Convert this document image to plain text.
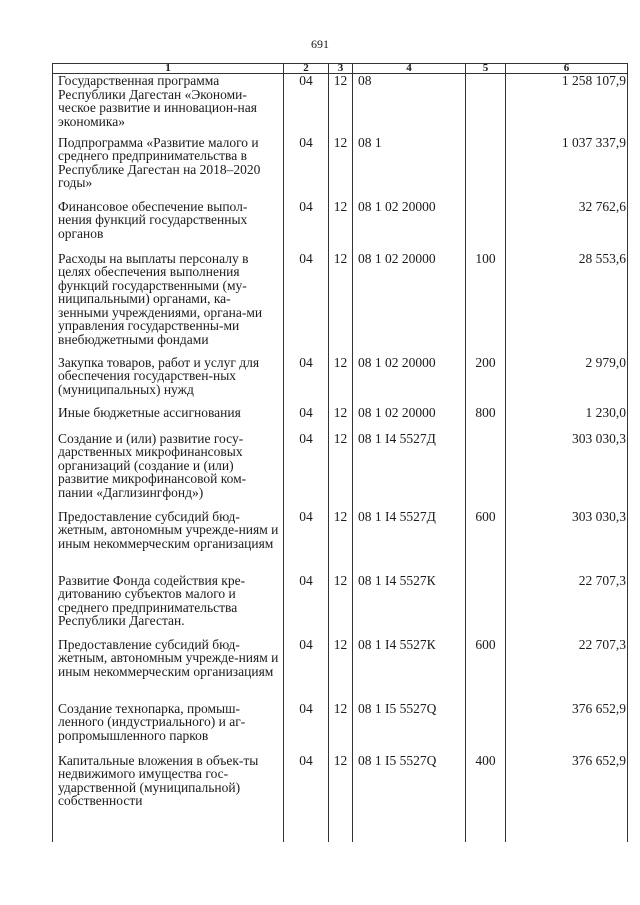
691
1	2	3	4	5	6
Государственная программа Республики Дагестан «Экономи-ческое развитие и инновацион-ная экономика»	04	12	08		1 258 107,9
Подпрограмма «Развитие малого и среднего предпринимательства в Республике Дагестан на 2018–2020 годы»	04	12	08 1		1 037 337,9
Финансовое обеспечение выпол-нения функций государственных органов	04	12	08 1 02 20000		32 762,6
Расходы на выплаты персоналу в целях обеспечения выполнения функций государственными (му-ниципальными) органами, ка-зенными учреждениями, органа-ми управления государственны-ми внебюджетными фондами	04	12	08 1 02 20000	100	28 553,6
Закупка товаров, работ и услуг для обеспечения государствен-ных (муниципальных) нужд	04	12	08 1 02 20000	200	2 979,0
Иные бюджетные ассигнования	04	12	08 1 02 20000	800	1 230,0
Создание и (или) развитие госу-дарственных микрофинансовых организаций (создание и (или) развитие микрофинансовой ком-пании «Даглизингфонд»)	04	12	08 1 I4 5527Д		303 030,3
Предоставление субсидий бюд-жетным, автономным учрежде-ниям и иным некоммерческим организациям	04	12	08 1 I4 5527Д	600	303 030,3
Развитие Фонда содействия кре-дитованию субъектов малого и среднего предпринимательства Республики Дагестан.	04	12	08 1 I4 5527К		22 707,3
Предоставление субсидий бюд-жетным, автономным учрежде-ниям и иным некоммерческим организациям	04	12	08 1 I4 5527К	600	22 707,3
Создание технопарка, промыш-ленного (индустриального) и аг-ропромышленного парков	04	12	08 1 I5 5527Q		376 652,9
Капитальные вложения в объек-ты недвижимого имущества гос-ударственной (муниципальной) собственности	04	12	08 1 I5 5527Q	400	376 652,9
